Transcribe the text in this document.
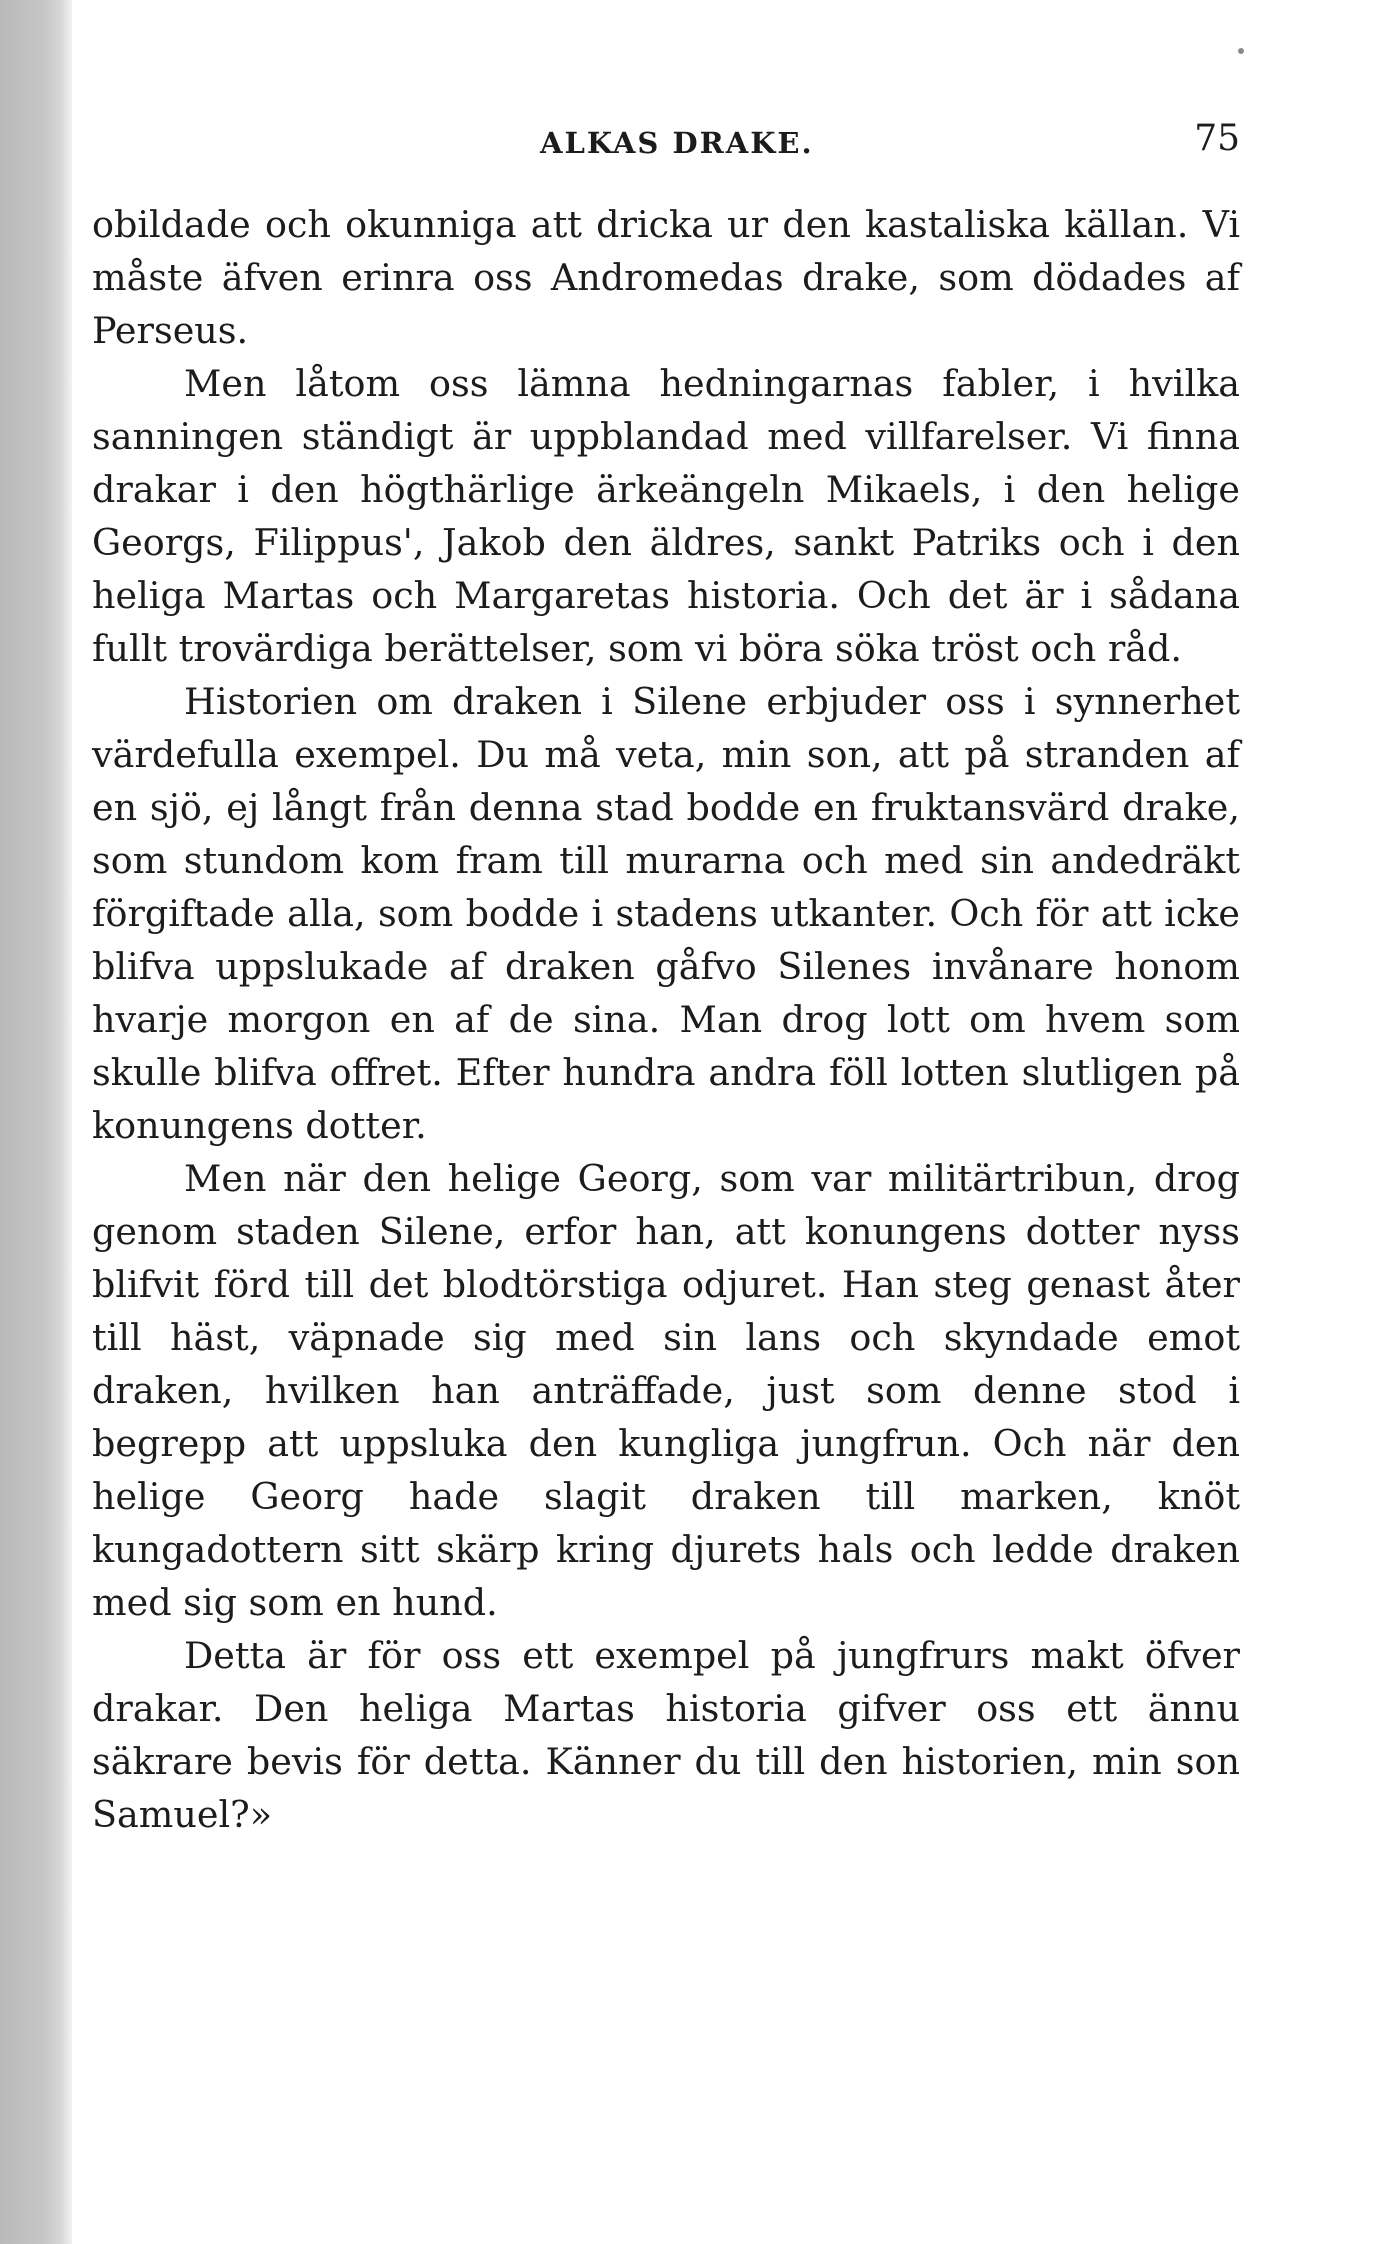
ALKAS DRAKE.	75

obildade och okunniga att dricka ur den kastaliska källan. Vi måste äfven erinra oss Andromedas drake, som dödades af Perseus.

Men låtom oss lämna hedningarnas fabler, i hvilka sanningen ständigt är uppblandad med villfarelser. Vi finna drakar i den högthärlige ärkeängeln Mikaels, i den helige Georgs, Filippus', Jakob den äldres, sankt Patriks och i den heliga Martas och Margaretas historia. Och det är i sådana fullt trovärdiga berättelser, som vi böra söka tröst och råd.

Historien om draken i Silene erbjuder oss i synnerhet värdefulla exempel. Du må veta, min son, att på stranden af en sjö, ej långt från denna stad bodde en fruktansvärd drake, som stundom kom fram till murarna och med sin andedräkt förgiftade alla, som bodde i stadens utkanter. Och för att icke blifva uppslukade af draken gåfvo Silenes invånare honom hvarje morgon en af de sina. Man drog lott om hvem som skulle blifva offret. Efter hundra andra föll lotten slutligen på konungens dotter.

Men när den helige Georg, som var militärtribun, drog genom staden Silene, erfor han, att konungens dotter nyss blifvit förd till det blodtörstiga odjuret. Han steg genast åter till häst, väpnade sig med sin lans och skyndade emot draken, hvilken han anträffade, just som denne stod i begrepp att uppsluka den kungliga jungfrun. Och när den helige Georg hade slagit draken till marken, knöt kungadottern sitt skärp kring djurets hals och ledde draken med sig som en hund.

Detta är för oss ett exempel på jungfrurs makt öfver drakar. Den heliga Martas historia gifver oss ett ännu säkrare bevis för detta. Känner du till den historien, min son Samuel?»
